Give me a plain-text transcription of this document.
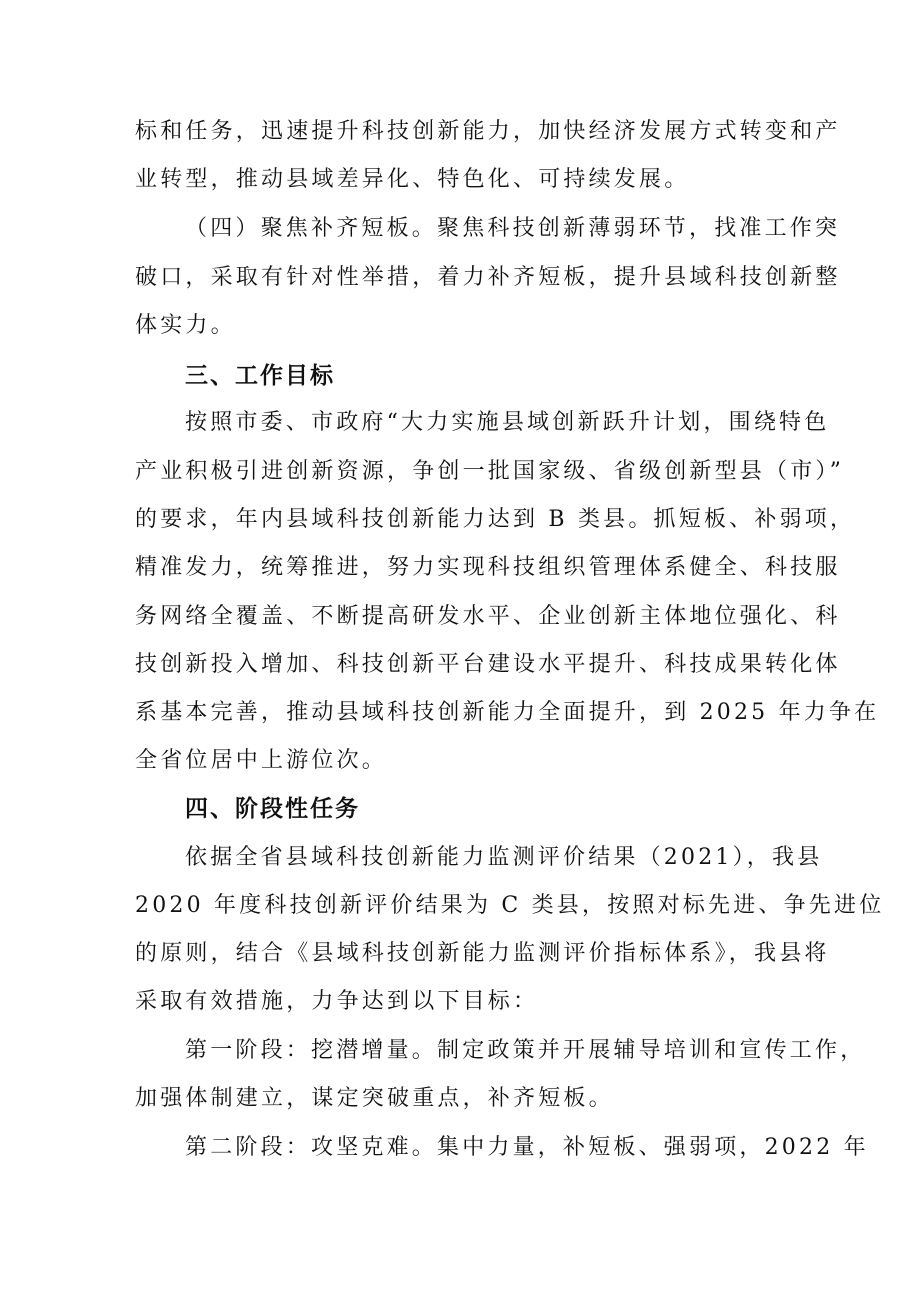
标和任务，迅速提升科技创新能力，加快经济发展方式转变和产
业转型，推动县域差异化、特色化、可持续发展。
（四）聚焦补齐短板。聚焦科技创新薄弱环节，找准工作突
破口，采取有针对性举措，着力补齐短板，提升县域科技创新整
体实力。
三、工作目标
按照市委、市政府“大力实施县域创新跃升计划，围绕特色
产业积极引进创新资源，争创一批国家级、省级创新型县（市）”
的要求，年内县域科技创新能力达到 B 类县。抓短板、补弱项，
精准发力，统筹推进，努力实现科技组织管理体系健全、科技服
务网络全覆盖、不断提高研发水平、企业创新主体地位强化、科
技创新投入增加、科技创新平台建设水平提升、科技成果转化体
系基本完善，推动县域科技创新能力全面提升，到 2025 年力争在
全省位居中上游位次。
四、阶段性任务
依据全省县域科技创新能力监测评价结果（2021），我县
2020 年度科技创新评价结果为 C 类县，按照对标先进、争先进位
的原则，结合《县域科技创新能力监测评价指标体系》，我县将
采取有效措施，力争达到以下目标：
第一阶段：挖潜增量。制定政策并开展辅导培训和宣传工作，
加强体制建立，谋定突破重点，补齐短板。
第二阶段：攻坚克难。集中力量，补短板、强弱项，2022 年
